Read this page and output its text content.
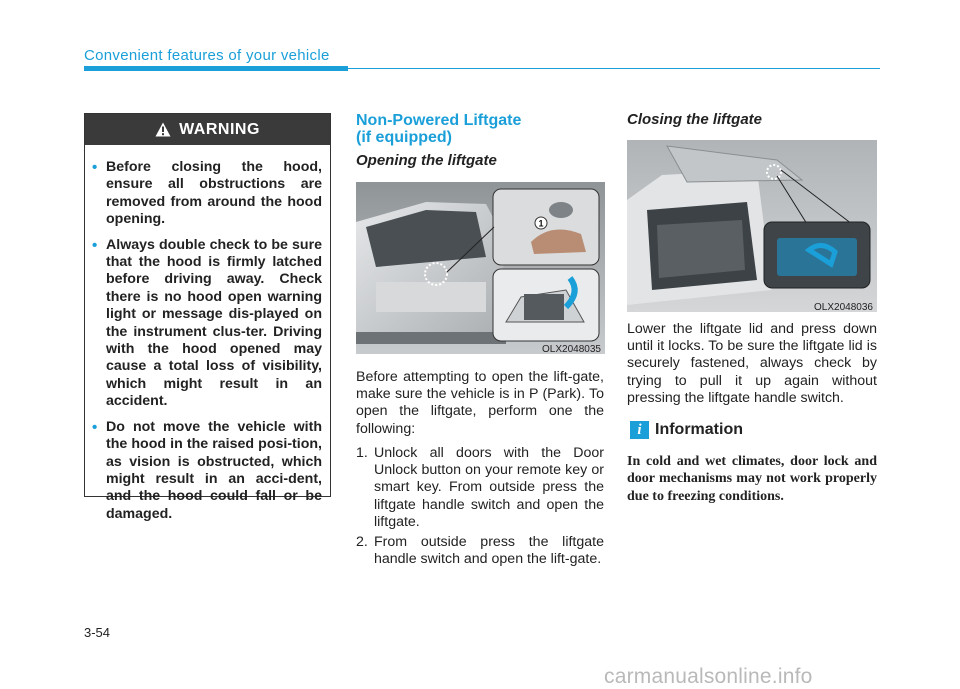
Convenient features of your vehicle
WARNING
• Before closing the hood, ensure all obstructions are removed from around the hood opening.
• Always double check to be sure that the hood is firmly latched before driving away. Check there is no hood open warning light or message dis-played on the instrument clus-ter. Driving with the hood opened may cause a total loss of visibility, which might result in an accident.
• Do not move the vehicle with the hood in the raised posi-tion, as vision is obstructed, which might result in an acci-dent, and the hood could fall or be damaged.
Non-Powered Liftgate
(if equipped)
Opening the liftgate
1
OLX2048035
Before attempting to open the lift-gate, make sure the vehicle is in P (Park). To open the liftgate, perform one the following:
1. Unlock all doors with the Door Unlock button on your remote key or smart key. From outside press the liftgate handle switch and open the liftgate.
2. From outside press the liftgate handle switch and open the lift-gate.
Closing the liftgate
OLX2048036
Lower the liftgate lid and press down until it locks. To be sure the liftgate lid is securely fastened, always check by trying to pull it up again without pressing the liftgate handle switch.
i Information
In cold and wet climates, door lock and door mechanisms may not work properly due to freezing conditions.
3-54
carmanualsonline.info
